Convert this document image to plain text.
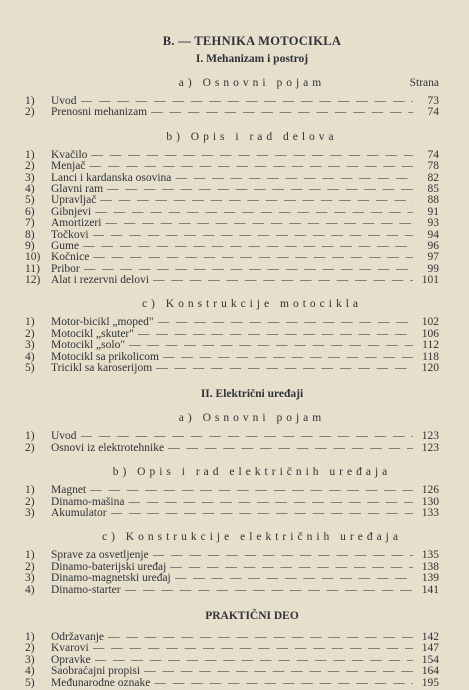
B. — TEHNIKA MOTOCIKLA
I. Mehanizam i postroj
a) Osnovni pojam	Strana
1)	Uvod — — —	73
2)	Prenosni mehanizam — — —	74
b) Opis i rad delova
1)	Kvačilo — — —	74
2)	Menjač — — —	78
3)	Lanci i kardanska osovina — — —	82
4)	Glavni ram — — —	85
5)	Upravljač — — —	88
6)	Gibnjevi — — —	91
7)	Amortizeri — — —	93
8)	Točkovi — — —	94
9)	Gume — — —	96
10) Kočnice — — —	97
11) Pribor — — —	99
12) Alat i rezervni delovi — — —	101
c) Konstrukcije motocikla
1)	Motor-bicikl „moped" — — —	102
2)	Motocikl „skuter" — — —	106
3)	Motocikl „solo" — — —	112
4)	Motocikl sa prikolicom — — —	118
5)	Tricikl sa karoserijom — — —	120
II. Električni uređaji
a) Osnovni pojam
1)	Uvod — — —	123
2)	Osnovi iz elektrotehnike — — —	123
b) Opis i rad električnih uređaja
1)	Magnet — — —	126
2)	Dinamo-mašina — — —	130
3)	Akumulator — — —	133
c) Konstrukcije električnih uređaja
1)	Sprave za osvetljenje — — —	135
2)	Dinamo-baterijski uređaj — — —	138
3)	Dinamo-magnetski uređaj — — —	139
4)	Dinamo-starter — — —	141
PRAKTIČNI DEO
1)	Održavanje — — —	142
2)	Kvarovi — — —	147
3)	Opravke — — —	154
4)	Saobraćajni propisi — — —	164
5)	Međunarodne oznake — — —	195
